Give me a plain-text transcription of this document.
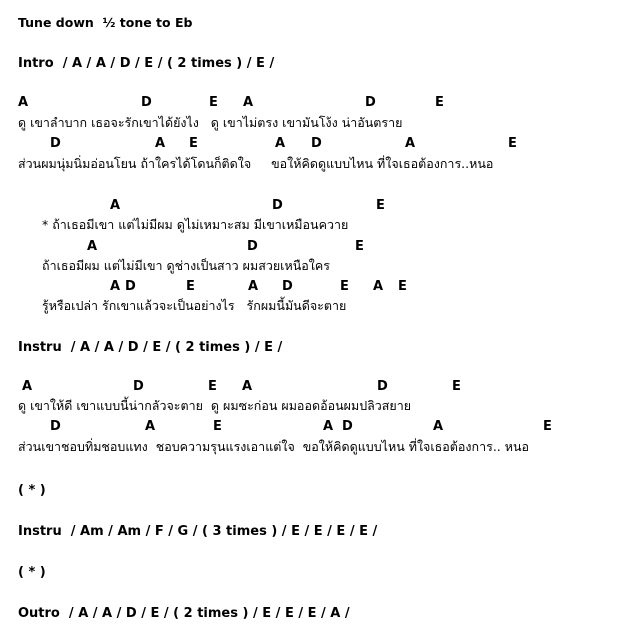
Tune down  ½ tone to Eb
Intro  / A / A / D / E / ( 2 times ) / E /
A	D	E A	D	E
ดู เขาลำบาก เธอจะรักเขาได้ยังไง   ดู เขาไม่ตรง เขามันโง้ง น่าอันตราย
D	A E	A D	A	E
ส่วนผมนุ่มนิ่มอ่อนโยน ถ้าใครได้โดนก็ติดใจ     ขอให้คิดดูแบบไหน ที่ใจเธอต้องการ..หนอ
A	D	E
* ถ้าเธอมีเขา แต่ไม่มีผม ดูไม่เหมาะสม มีเขาเหมือนควาย
A	D	E
ถ้าเธอมีผม แต่ไม่มีเขา ดูช่างเป็นสาว ผมสวยเหนือใคร
A D	E	A D	E A E
รู้หรือเปล่า รักเขาแล้วจะเป็นอย่างไร   รักผมนี้มันดีจะตาย
Instru  / A / A / D / E / ( 2 times ) / E /
A	D	E A	D	E
ดู เขาให้ดี เขาแบบนี้น่ากลัวจะตาย  ดู ผมซะก่อน ผมออดอ้อนผมปลิวสยาย
D	A	E	A D	A	E
ส่วนเขาชอบทิ่มชอบแทง  ชอบความรุนแรงเอาแต่ใจ  ขอให้คิดดูแบบไหน ที่ใจเธอต้องการ.. หนอ
( * )
Instru  / Am / Am / F / G / ( 3 times ) / E / E / E / E /
( * )
Outro  / A / A / D / E / ( 2 times ) / E / E / E / A /
